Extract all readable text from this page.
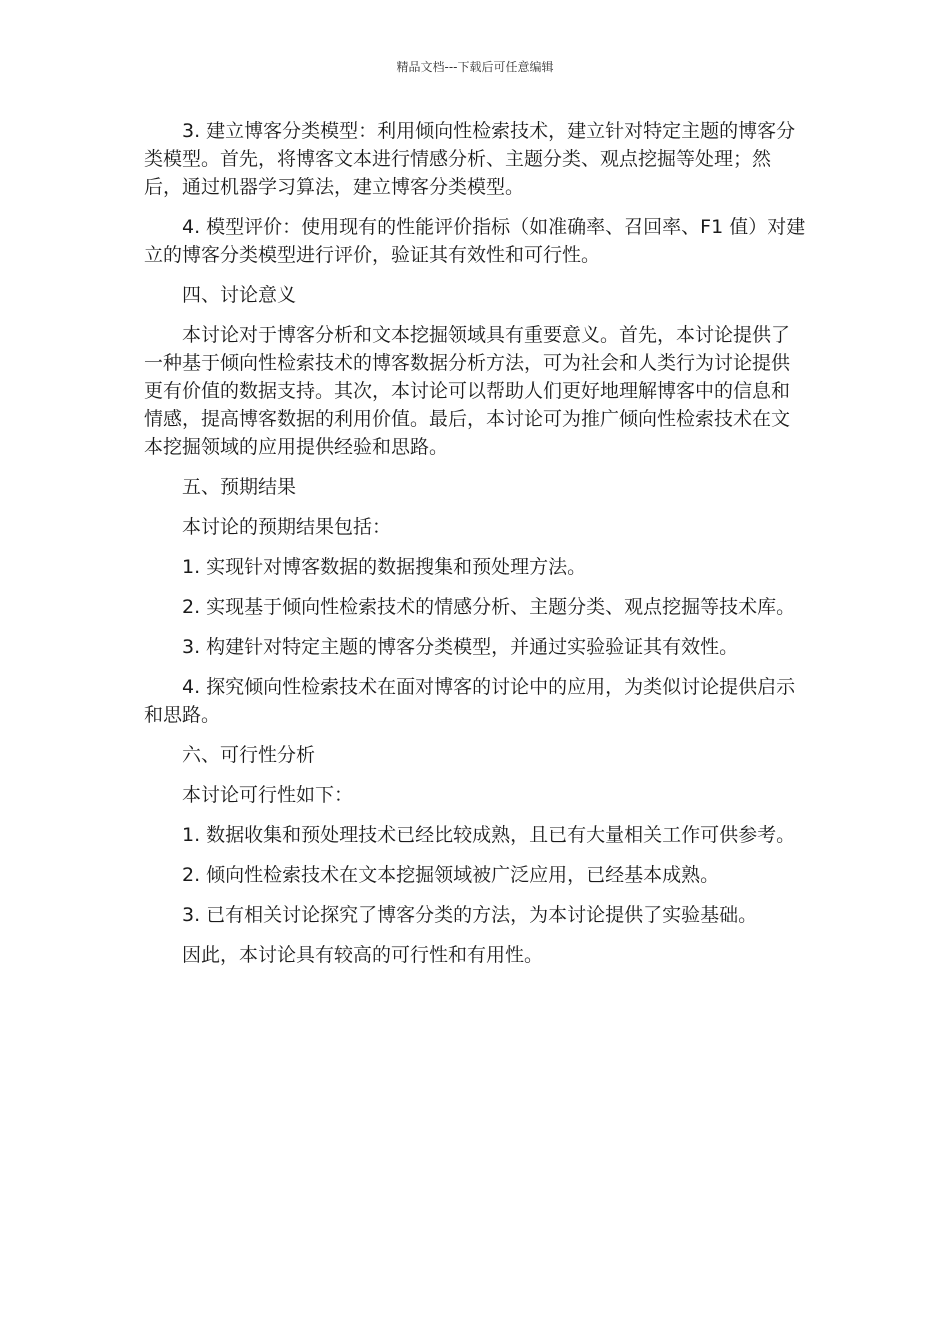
精品文档---下载后可任意编辑

3. 建立博客分类模型：利用倾向性检索技术，建立针对特定主题的博客分类模型。首先，将博客文本进行情感分析、主题分类、观点挖掘等处理；然后，通过机器学习算法，建立博客分类模型。

4. 模型评价：使用现有的性能评价指标（如准确率、召回率、F1 值）对建立的博客分类模型进行评价，验证其有效性和可行性。

四、讨论意义

本讨论对于博客分析和文本挖掘领域具有重要意义。首先，本讨论提供了一种基于倾向性检索技术的博客数据分析方法，可为社会和人类行为讨论提供更有价值的数据支持。其次，本讨论可以帮助人们更好地理解博客中的信息和情感，提高博客数据的利用价值。最后，本讨论可为推广倾向性检索技术在文本挖掘领域的应用提供经验和思路。

五、预期结果

本讨论的预期结果包括：

1. 实现针对博客数据的数据搜集和预处理方法。

2. 实现基于倾向性检索技术的情感分析、主题分类、观点挖掘等技术库。

3. 构建针对特定主题的博客分类模型，并通过实验验证其有效性。

4. 探究倾向性检索技术在面对博客的讨论中的应用，为类似讨论提供启示和思路。

六、可行性分析

本讨论可行性如下：

1. 数据收集和预处理技术已经比较成熟，且已有大量相关工作可供参考。

2. 倾向性检索技术在文本挖掘领域被广泛应用，已经基本成熟。

3. 已有相关讨论探究了博客分类的方法，为本讨论提供了实验基础。

因此，本讨论具有较高的可行性和有用性。
